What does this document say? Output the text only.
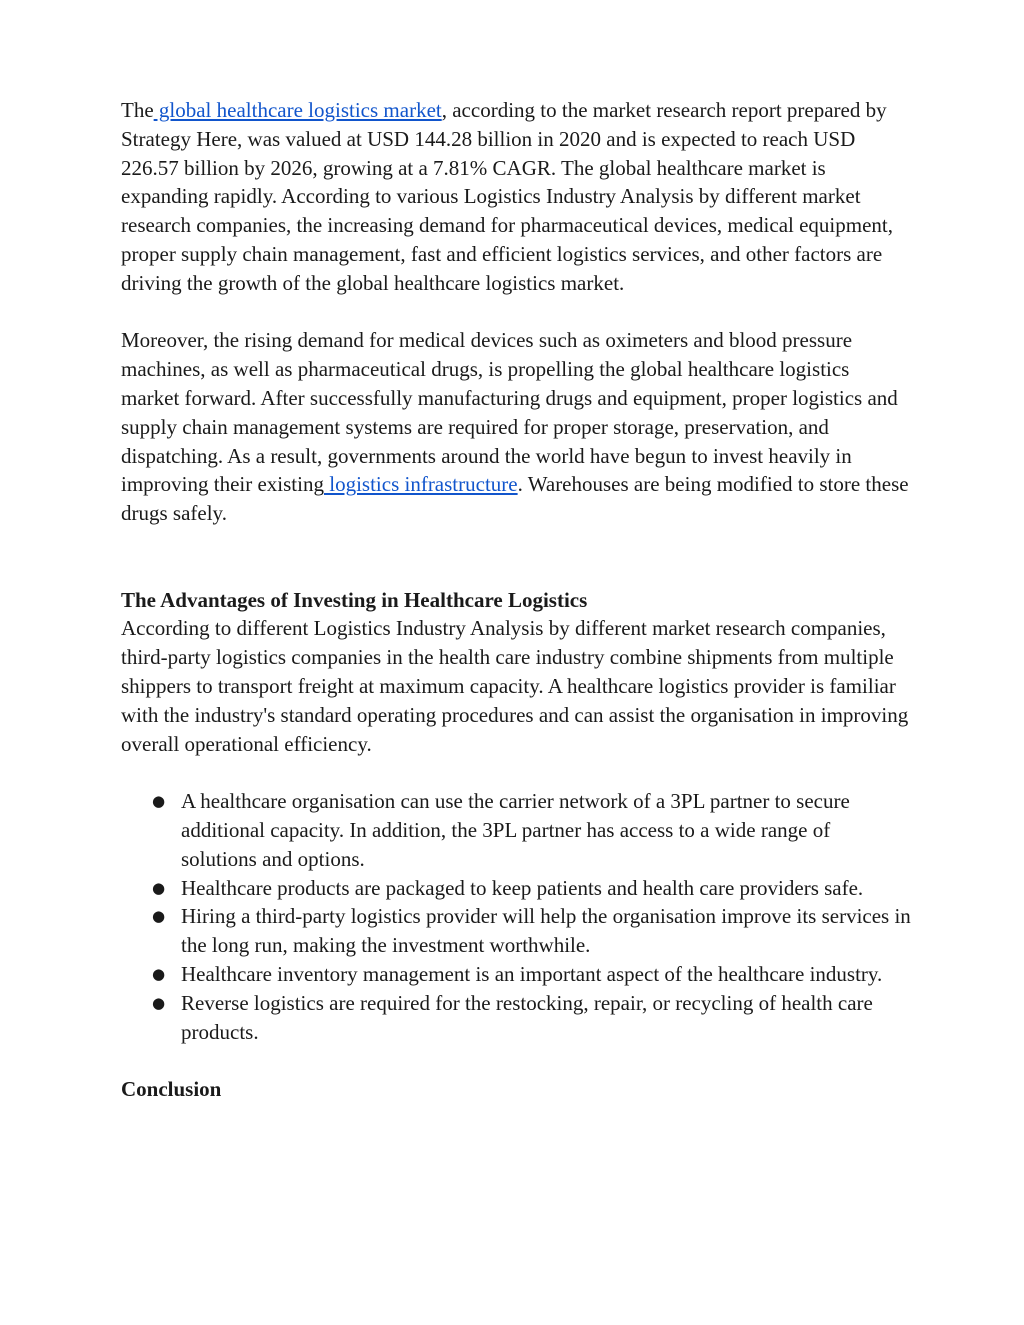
The global healthcare logistics market, according to the market research report prepared by Strategy Here, was valued at USD 144.28 billion in 2020 and is expected to reach USD 226.57 billion by 2026, growing at a 7.81% CAGR. The global healthcare market is expanding rapidly. According to various Logistics Industry Analysis by different market research companies, the increasing demand for pharmaceutical devices, medical equipment, proper supply chain management, fast and efficient logistics services, and other factors are driving the growth of the global healthcare logistics market.

Moreover, the rising demand for medical devices such as oximeters and blood pressure machines, as well as pharmaceutical drugs, is propelling the global healthcare logistics market forward. After successfully manufacturing drugs and equipment, proper logistics and supply chain management systems are required for proper storage, preservation, and dispatching. As a result, governments around the world have begun to invest heavily in improving their existing logistics infrastructure. Warehouses are being modified to store these drugs safely.

The Advantages of Investing in Healthcare Logistics

According to different Logistics Industry Analysis by different market research companies, third-party logistics companies in the health care industry combine shipments from multiple shippers to transport freight at maximum capacity. A healthcare logistics provider is familiar with the industry's standard operating procedures and can assist the organisation in improving overall operational efficiency.

● A healthcare organisation can use the carrier network of a 3PL partner to secure additional capacity. In addition, the 3PL partner has access to a wide range of solutions and options.
● Healthcare products are packaged to keep patients and health care providers safe.
● Hiring a third-party logistics provider will help the organisation improve its services in the long run, making the investment worthwhile.
● Healthcare inventory management is an important aspect of the healthcare industry.
● Reverse logistics are required for the restocking, repair, or recycling of health care products.

Conclusion
